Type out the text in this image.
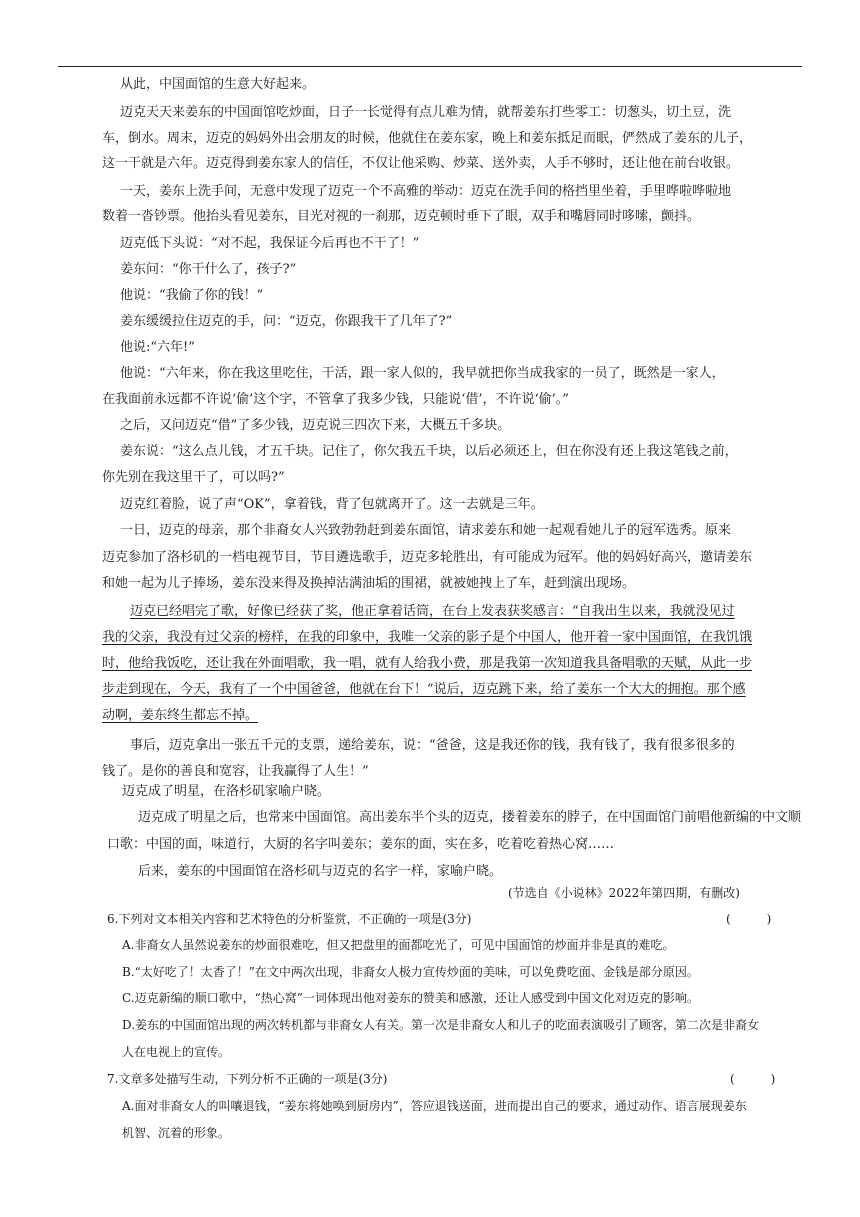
从此，中国面馆的生意大好起来。
迈克天天来姜东的中国面馆吃炒面，日子一长觉得有点儿难为情，就帮姜东打些零工：切葱头，切土豆，洗
车，倒水。周末，迈克的妈妈外出会朋友的时候，他就住在姜东家，晚上和姜东抵足而眠，俨然成了姜东的儿子，
这一干就是六年。迈克得到姜东家人的信任，不仅让他采购、炒菜、送外卖，人手不够时，还让他在前台收银。
一天，姜东上洗手间，无意中发现了迈克一个不高雅的举动：迈克在洗手间的格挡里坐着，手里哗啦哗啦地
数着一沓钞票。他抬头看见姜东，目光对视的一刹那，迈克顿时垂下了眼，双手和嘴唇同时哆嗦，颤抖。
迈克低下头说：“对不起，我保证今后再也不干了！”
姜东问：“你干什么了，孩子?”
他说：“我偷了你的钱！”
姜东缓缓拉住迈克的手，问：“迈克，你跟我干了几年了?”
他说:“六年!”
他说：“六年来，你在我这里吃住，干活，跟一家人似的，我早就把你当成我家的一员了，既然是一家人，
在我面前永远都不许说‘偷’这个字，不管拿了我多少钱，只能说‘借’，不许说‘偷’。”
之后，又问迈克“借”了多少钱，迈克说三四次下来，大概五千多块。
姜东说：“这么点儿钱，才五千块。记住了，你欠我五千块，以后必须还上，但在你没有还上我这笔钱之前，
你先别在我这里干了，可以吗?”
迈克红着脸，说了声“OK”，拿着钱，背了包就离开了。这一去就是三年。
一日，迈克的母亲，那个非裔女人兴致勃勃赶到姜东面馆，请求姜东和她一起观看她儿子的冠军选秀。原来
迈克参加了洛杉矶的一档电视节目，节目遴选歌手，迈克多轮胜出，有可能成为冠军。他的妈妈好高兴，邀请姜东
和她一起为儿子捧场，姜东没来得及换掉沾满油垢的围裙，就被她拽上了车，赶到演出现场。
迈克已经唱完了歌，好像已经获了奖，他正拿着话筒，在台上发表获奖感言：“自我出生以来，我就没见过
我的父亲，我没有过父亲的榜样，在我的印象中，我唯一父亲的影子是个中国人，他开着一家中国面馆，在我饥饿
时，他给我饭吃，还让我在外面唱歌，我一唱，就有人给我小费，那是我第一次知道我具备唱歌的天赋，从此一步
步走到现在，今天，我有了一个中国爸爸，他就在台下！”说后，迈克跳下来，给了姜东一个大大的拥抱。那个感
动啊，姜东终生都忘不掉。
事后，迈克拿出一张五千元的支票，递给姜东，说：“爸爸，这是我还你的钱，我有钱了，我有很多很多的
钱了。是你的善良和宽容，让我赢得了人生！”
迈克成了明星，在洛杉矶家喻户晓。
迈克成了明星之后，也常来中国面馆。高出姜东半个头的迈克，搂着姜东的脖子，在中国面馆门前唱他新编的中文顺
口歌：中国的面，味道行，大厨的名字叫姜东；姜东的面，实在多，吃着吃着热心窝……
后来，姜东的中国面馆在洛杉矶与迈克的名字一样，家喻户晓。
(节选自《小说林》2022年第四期，有删改)
6.下列对文本相关内容和艺术特色的分析鉴赏，不正确的一项是(3分)	(　　　)
A.非裔女人虽然说姜东的炒面很难吃，但又把盘里的面都吃光了，可见中国面馆的炒面并非是真的难吃。
B.“太好吃了！太香了！”在文中两次出现，非裔女人极力宣传炒面的美味，可以免费吃面、金钱是部分原因。
C.迈克新编的顺口歌中，“热心窝”一词体现出他对姜东的赞美和感激，还让人感受到中国文化对迈克的影响。
D.姜东的中国面馆出现的两次转机都与非裔女人有关。第一次是非裔女人和儿子的吃面表演吸引了顾客，第二次是非裔女
人在电视上的宣传。
7.文章多处描写生动，下列分析不正确的一项是(3分)	(　　　)
A.面对非裔女人的叫嚷退钱，“姜东将她唤到厨房内”，答应退钱送面，进而提出自己的要求，通过动作、语言展现姜东
机智、沉着的形象。
